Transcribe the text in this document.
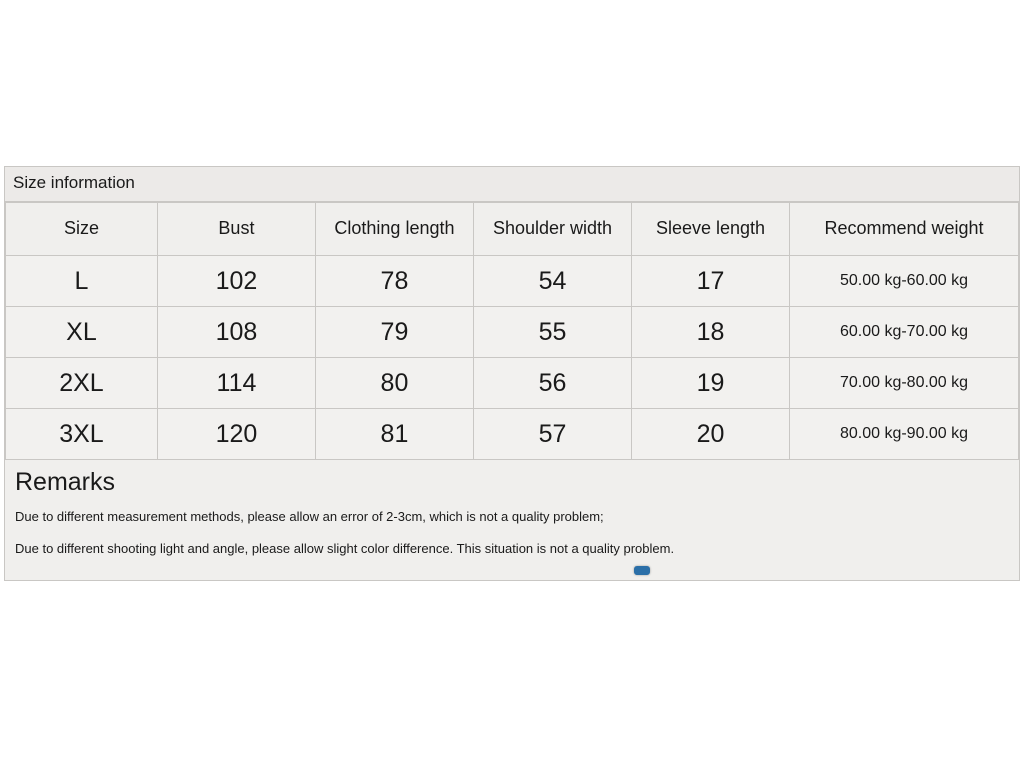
Size information
Size	Bust	Clothing length	Shoulder width	Sleeve length	Recommend weight
L	102	78	54	17	50.00 kg-60.00 kg
XL	108	79	55	18	60.00 kg-70.00 kg
2XL	114	80	56	19	70.00 kg-80.00 kg
3XL	120	81	57	20	80.00 kg-90.00 kg
Remarks
Due to different measurement methods, please allow an error of 2-3cm, which is not a quality problem;
Due to different shooting light and angle, please allow slight color difference. This situation is not a quality problem.
